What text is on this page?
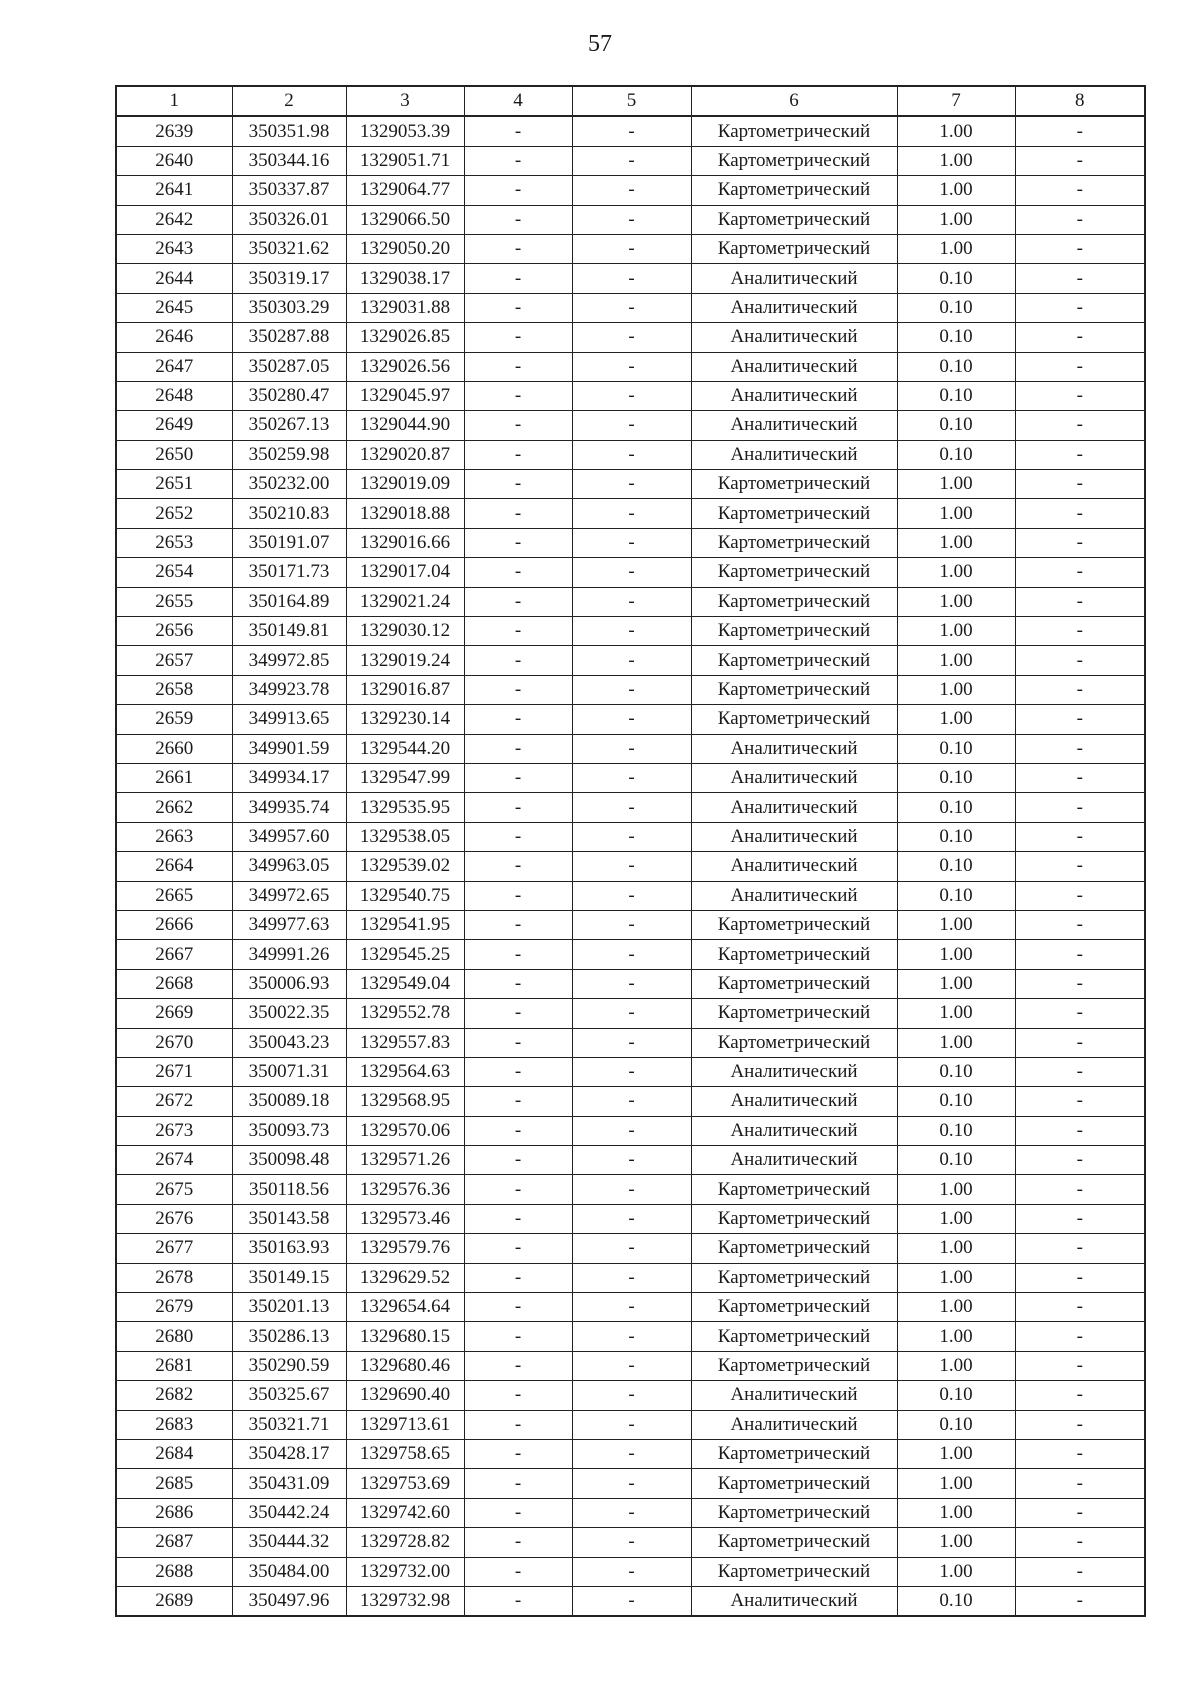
57
1	2	3	4	5	6	7	8
2639	350351.98	1329053.39	-	-	Картометрический	1.00	-
2640	350344.16	1329051.71	-	-	Картометрический	1.00	-
2641	350337.87	1329064.77	-	-	Картометрический	1.00	-
2642	350326.01	1329066.50	-	-	Картометрический	1.00	-
2643	350321.62	1329050.20	-	-	Картометрический	1.00	-
2644	350319.17	1329038.17	-	-	Аналитический	0.10	-
2645	350303.29	1329031.88	-	-	Аналитический	0.10	-
2646	350287.88	1329026.85	-	-	Аналитический	0.10	-
2647	350287.05	1329026.56	-	-	Аналитический	0.10	-
2648	350280.47	1329045.97	-	-	Аналитический	0.10	-
2649	350267.13	1329044.90	-	-	Аналитический	0.10	-
2650	350259.98	1329020.87	-	-	Аналитический	0.10	-
2651	350232.00	1329019.09	-	-	Картометрический	1.00	-
2652	350210.83	1329018.88	-	-	Картометрический	1.00	-
2653	350191.07	1329016.66	-	-	Картометрический	1.00	-
2654	350171.73	1329017.04	-	-	Картометрический	1.00	-
2655	350164.89	1329021.24	-	-	Картометрический	1.00	-
2656	350149.81	1329030.12	-	-	Картометрический	1.00	-
2657	349972.85	1329019.24	-	-	Картометрический	1.00	-
2658	349923.78	1329016.87	-	-	Картометрический	1.00	-
2659	349913.65	1329230.14	-	-	Картометрический	1.00	-
2660	349901.59	1329544.20	-	-	Аналитический	0.10	-
2661	349934.17	1329547.99	-	-	Аналитический	0.10	-
2662	349935.74	1329535.95	-	-	Аналитический	0.10	-
2663	349957.60	1329538.05	-	-	Аналитический	0.10	-
2664	349963.05	1329539.02	-	-	Аналитический	0.10	-
2665	349972.65	1329540.75	-	-	Аналитический	0.10	-
2666	349977.63	1329541.95	-	-	Картометрический	1.00	-
2667	349991.26	1329545.25	-	-	Картометрический	1.00	-
2668	350006.93	1329549.04	-	-	Картометрический	1.00	-
2669	350022.35	1329552.78	-	-	Картометрический	1.00	-
2670	350043.23	1329557.83	-	-	Картометрический	1.00	-
2671	350071.31	1329564.63	-	-	Аналитический	0.10	-
2672	350089.18	1329568.95	-	-	Аналитический	0.10	-
2673	350093.73	1329570.06	-	-	Аналитический	0.10	-
2674	350098.48	1329571.26	-	-	Аналитический	0.10	-
2675	350118.56	1329576.36	-	-	Картометрический	1.00	-
2676	350143.58	1329573.46	-	-	Картометрический	1.00	-
2677	350163.93	1329579.76	-	-	Картометрический	1.00	-
2678	350149.15	1329629.52	-	-	Картометрический	1.00	-
2679	350201.13	1329654.64	-	-	Картометрический	1.00	-
2680	350286.13	1329680.15	-	-	Картометрический	1.00	-
2681	350290.59	1329680.46	-	-	Картометрический	1.00	-
2682	350325.67	1329690.40	-	-	Аналитический	0.10	-
2683	350321.71	1329713.61	-	-	Аналитический	0.10	-
2684	350428.17	1329758.65	-	-	Картометрический	1.00	-
2685	350431.09	1329753.69	-	-	Картометрический	1.00	-
2686	350442.24	1329742.60	-	-	Картометрический	1.00	-
2687	350444.32	1329728.82	-	-	Картометрический	1.00	-
2688	350484.00	1329732.00	-	-	Картометрический	1.00	-
2689	350497.96	1329732.98	-	-	Аналитический	0.10	-
